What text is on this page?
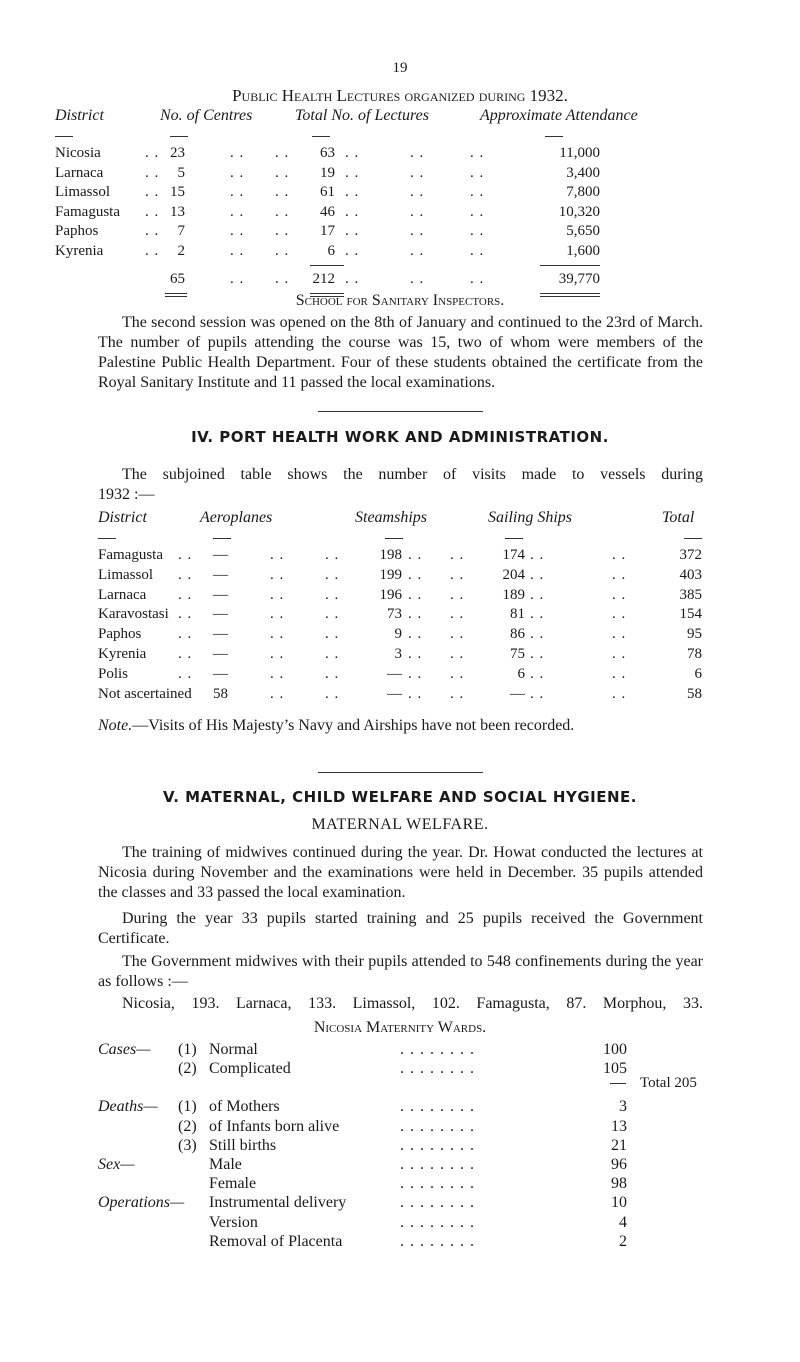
19
Public Health Lectures organized during 1932.
District	No. of Centres	Total No. of Lectures	Approximate Attendance
Nicosia	. . 23	. . . .	63 . .	. .	. .	11,000
Larnaca	. .	5	. . . .	19 . .	. .	. .	3,400
Limassol . . 15	. . . .	61 . .	. .	. .	7,800
Famagusta . . 13	. . . .	46 . .	. .	. .	10,320
Paphos	. .	7	. . . .	17 . .	. .	. .	5,650
Kyrenia	. .	2	. . . .	6 . .	. .	. .	1,600
65	. . . .	212 . .	. .	. .	39,770
School for Sanitary Inspectors.
The second session was opened on the 8th of January and continued to the 23rd of March. The number of pupils attending the course was 15, two of whom were members of the Palestine Public Health Department. Four of these students obtained the certificate from the Royal Sanitary Institute and 11 passed the local examinations.
IV. PORT HEALTH WORK AND ADMINISTRATION.
The subjoined table shows the number of visits made to vessels during
1932 :—
District	Aeroplanes	Steamships	Sailing Ships	Total
Famagusta . . —	. .	. .	198 . . . .	174 . .	. .	372
Limassol . . —	. .	. .	199 . . . .	204 . .	. .	403
Larnaca . . —	. .	. .	196 . . . .	189 . .	. .	385
Karavostasi . . —	. .	. .	73 . . . .	81 . .	. .	154
Paphos . . —	. .	. .	9 . . . .	86 . .	. .	95
Kyrenia . . —	. .	. .	3 . . . .	75 . .	. .	78
Polis	. . —	. .	. .	— . . . .	6 . .	. .	6
Not ascertained 58	. .	. .	— . . . .	— . .	. .	58
Note.—Visits of His Majesty’s Navy and Airships have not been recorded.
V. MATERNAL, CHILD WELFARE AND SOCIAL HYGIENE.
MATERNAL WELFARE.
The training of midwives continued during the year. Dr. Howat conducted the lectures at Nicosia during November and the examinations were held in December. 35 pupils attended the classes and 33 passed the local examination.
During the year 33 pupils started training and 25 pupils received the Government Certificate.
The Government midwives with their pupils attended to 548 confinements during the year as follows :—
Nicosia, 193. Larnaca, 133. Limassol, 102. Famagusta, 87. Morphou, 33.
Nicosia Maternity Wards.
Cases— (1) Normal	. . . . . . . .	100
(2) Complicated	. . . . . . . .	105
Deaths— (1) of Mothers	. . . . . . . .	3
(2) of Infants born alive	. . . . . . . .	13
(3) Still births	. . . . . . . .	21
Sex—	Male	. . . . . . . .	96
Female	. . . . . . . .	98
Operations— Instrumental delivery	. . . . . . . .	10
Version	. . . . . . . .	4
Removal of Placenta	. . . . . . . .	2
Total 205
